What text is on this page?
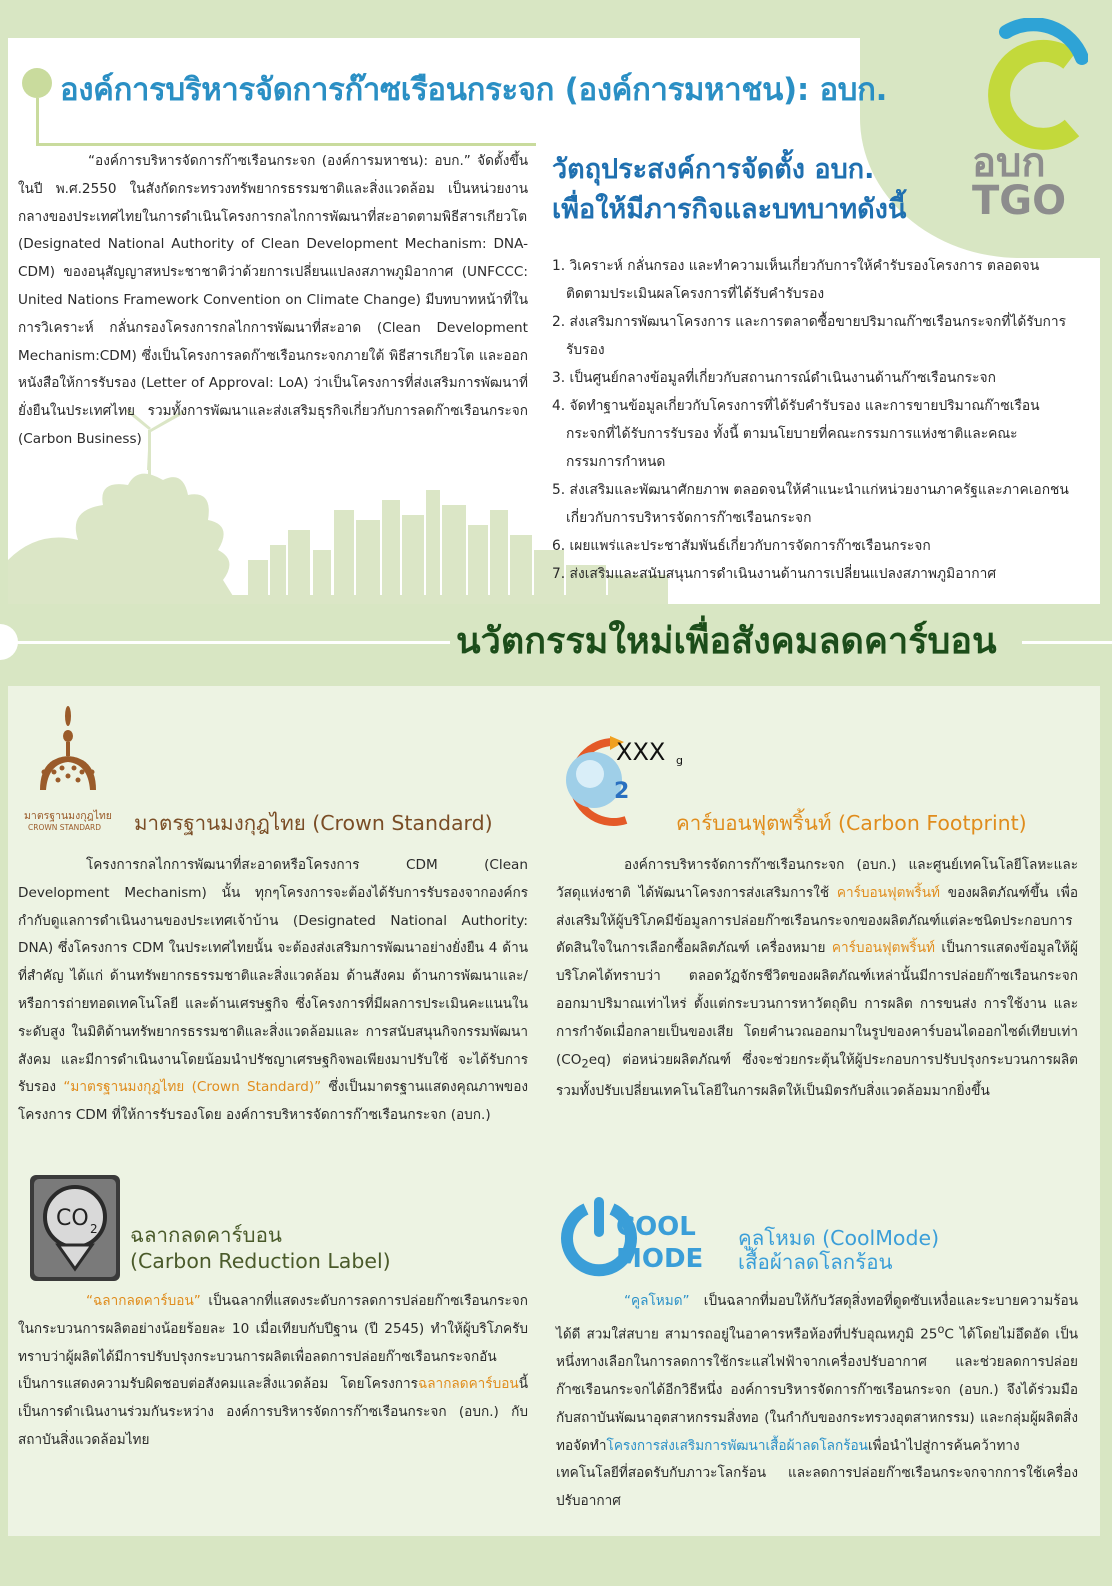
องค์การบริหารจัดการก๊าซเรือนกระจก (องค์การมหาชน): อบก.
อบก
TGO
“องค์การบริหารจัดการก๊าซเรือนกระจก (องค์การมหาชน): อบก.” จัดตั้งขึ้นในปี พ.ศ.2550 ในสังกัดกระทรวงทรัพยากรธรรมชาติและสิ่งแวดล้อม เป็นหน่วยงานกลางของประเทศไทยในการดำเนินโครงการกลไกการพัฒนาที่สะอาดตามพิธีสารเกียวโต (Designated National Authority of Clean Development Mechanism: DNA-CDM) ของอนุสัญญาสหประชาชาติว่าด้วยการเปลี่ยนแปลงสภาพภูมิอากาศ (UNFCCC: United Nations Framework Convention on Climate Change) มีบทบาทหน้าที่ในการวิเคราะห์ กลั่นกรองโครงการกลไกการพัฒนาที่สะอาด (Clean Development Mechanism:CDM) ซึ่งเป็นโครงการลดก๊าซเรือนกระจกภายใต้ พิธีสารเกียวโต และออกหนังสือให้การรับรอง (Letter of Approval: LoA) ว่าเป็นโครงการที่ส่งเสริมการพัฒนาที่ยั่งยืนในประเทศไทย รวมทั้งการพัฒนาและส่งเสริมธุรกิจเกี่ยวกับการลดก๊าซเรือนกระจก (Carbon Business)
วัตถุประสงค์การจัดตั้ง อบก.
เพื่อให้มีภารกิจและบทบาทดังนี้
1. วิเคราะห์ กลั่นกรอง และทำความเห็นเกี่ยวกับการให้คำรับรองโครงการ ตลอดจนติดตามประเมินผลโครงการที่ได้รับคำรับรอง
2. ส่งเสริมการพัฒนาโครงการ และการตลาดซื้อขายปริมาณก๊าซเรือนกระจกที่ได้รับการรับรอง
3. เป็นศูนย์กลางข้อมูลที่เกี่ยวกับสถานการณ์ดำเนินงานด้านก๊าซเรือนกระจก
4. จัดทำฐานข้อมูลเกี่ยวกับโครงการที่ได้รับคำรับรอง และการขายปริมาณก๊าซเรือนกระจกที่ได้รับการรับรอง ทั้งนี้ ตามนโยบายที่คณะกรรมการแห่งชาติและคณะกรรมการกำหนด
5. ส่งเสริมและพัฒนาศักยภาพ ตลอดจนให้คำแนะนำแก่หน่วยงานภาครัฐและภาคเอกชนเกี่ยวกับการบริหารจัดการก๊าซเรือนกระจก
6. เผยแพร่และประชาสัมพันธ์เกี่ยวกับการจัดการก๊าซเรือนกระจก
7. ส่งเสริมและสนับสนุนการดำเนินงานด้านการเปลี่ยนแปลงสภาพภูมิอากาศ
นวัตกรรมใหม่เพื่อสังคมลดคาร์บอน
มาตรฐานมงกุฎไทย
CROWN STANDARD มาตรฐานมงกุฎไทย (Crown Standard)
โครงการกลไกการพัฒนาที่สะอาดหรือโครงการ CDM (Clean Development Mechanism) นั้น ทุกๆโครงการจะต้องได้รับการรับรองจากองค์กรกำกับดูแลการดำเนินงานของประเทศเจ้าบ้าน (Designated National Authority: DNA) ซึ่งโครงการ CDM ในประเทศไทยนั้น จะต้องส่งเสริมการพัฒนาอย่างยั่งยืน 4 ด้าน ที่สำคัญ ได้แก่ ด้านทรัพยากรธรรมชาติและสิ่งแวดล้อม ด้านสังคม ด้านการพัฒนาและ/หรือการถ่ายทอดเทคโนโลยี และด้านเศรษฐกิจ ซึ่งโครงการที่มีผลการประเมินคะแนนในระดับสูง ในมิติด้านทรัพยากรธรรมชาติและสิ่งแวดล้อมและ การสนับสนุนกิจกรรมพัฒนาสังคม และมีการดำเนินงานโดยน้อมนำปรัชญาเศรษฐกิจพอเพียงมาปรับใช้ จะได้รับการรับรอง “มาตรฐานมงกุฎไทย (Crown Standard)” ซึ่งเป็นมาตรฐานแสดงคุณภาพของโครงการ CDM ที่ให้การรับรองโดย องค์การบริหารจัดการก๊าซเรือนกระจก (อบก.)
2
XXX g
คาร์บอนฟุตพริ้นท์ (Carbon Footprint)
องค์การบริหารจัดการก๊าซเรือนกระจก (อบก.) และศูนย์เทคโนโลยีโลหะและวัสดุแห่งชาติ ได้พัฒนาโครงการส่งเสริมการใช้ คาร์บอนฟุตพริ้นท์ ของผลิตภัณฑ์ขึ้น เพื่อส่งเสริมให้ผู้บริโภคมีข้อมูลการปล่อยก๊าซเรือนกระจกของผลิตภัณฑ์แต่ละชนิดประกอบการตัดสินใจในการเลือกซื้อผลิตภัณฑ์ เครื่องหมาย คาร์บอนฟุตพริ้นท์ เป็นการแสดงข้อมูลให้ผู้บริโภคได้ทราบว่า ตลอดวัฏจักรชีวิตของผลิตภัณฑ์เหล่านั้นมีการปล่อยก๊าซเรือนกระจกออกมาปริมาณเท่าไหร่ ตั้งแต่กระบวนการหาวัตถุดิบ การผลิต การขนส่ง การใช้งาน และการกำจัดเมื่อกลายเป็นของเสีย โดยคำนวณออกมาในรูปของคาร์บอนไดออกไซด์เทียบเท่า $(CO_2eq)$ ต่อหน่วยผลิตภัณฑ์ ซึ่งจะช่วยกระตุ้นให้ผู้ประกอบการปรับปรุงกระบวนการผลิต รวมทั้งปรับเปลี่ยนเทคโนโลยีในการผลิตให้เป็นมิตรกับสิ่งแวดล้อมมากยิ่งขึ้น
CO 2 ฉลากลดคาร์บอน
(Carbon Reduction Label)
“ฉลากลดคาร์บอน” เป็นฉลากที่แสดงระดับการลดการปล่อยก๊าซเรือนกระจกในกระบวนการผลิตอย่างน้อยร้อยละ 10 เมื่อเทียบกับปีฐาน (ปี 2545) ทำให้ผู้บริโภครับทราบว่าผู้ผลิตได้มีการปรับปรุงกระบวนการผลิตเพื่อลดการปล่อยก๊าซเรือนกระจกอันเป็นการแสดงความรับผิดชอบต่อสังคมและสิ่งแวดล้อม โดยโครงการฉลากลดคาร์บอนนี้เป็นการดำเนินงานร่วมกันระหว่าง องค์การบริหารจัดการก๊าซเรือนกระจก (อบก.) กับสถาบันสิ่งแวดล้อมไทย
COOL
MODE
คูลโหมด (CoolMode)
เสื้อผ้าลดโลกร้อน
“คูลโหมด” เป็นฉลากที่มอบให้กับวัสดุสิ่งทอที่ดูดซับเหงื่อและระบายความร้อนได้ดี สวมใส่สบาย สามารถอยู่ในอาคารหรือห้องที่ปรับอุณหภูมิ 25$^o$C ได้โดยไม่อึดอัด เป็นหนึ่งทางเลือกในการลดการใช้กระแสไฟฟ้าจากเครื่องปรับอากาศ และช่วยลดการปล่อยก๊าซเรือนกระจกได้อีกวิธีหนึ่ง องค์การบริหารจัดการก๊าซเรือนกระจก (อบก.) จึงได้ร่วมมือกับสถาบันพัฒนาอุตสาหกรรมสิ่งทอ (ในกำกับของกระทรวงอุตสาหกรรม) และกลุ่มผู้ผลิตสิ่งทอจัดทำโครงการส่งเสริมการพัฒนาเสื้อผ้าลดโลกร้อนเพื่อนำไปสู่การค้นคว้าทางเทคโนโลยีที่สอดรับกับภาวะโลกร้อน และลดการปล่อยก๊าซเรือนกระจกจากการใช้เครื่องปรับอากาศ
